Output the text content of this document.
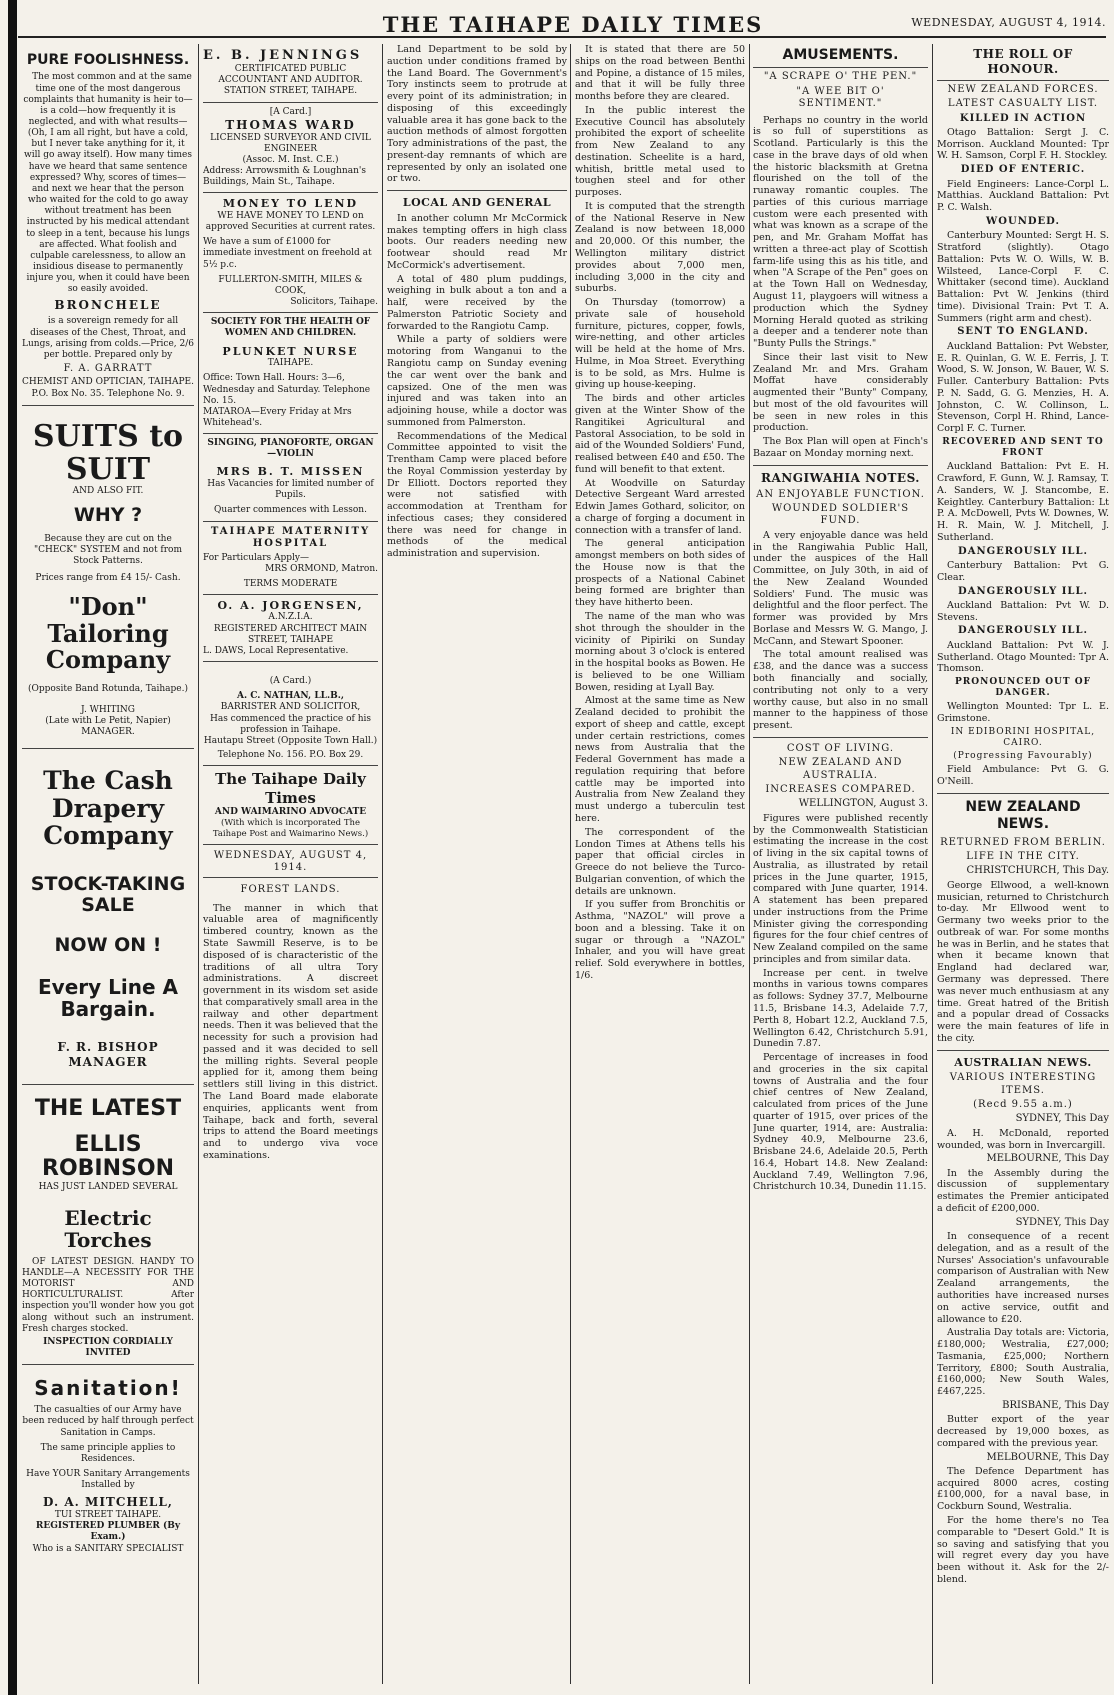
THE TAIHAPE DAILY TIMES	WEDNESDAY, AUGUST 4, 1914.
PURE FOOLISHNESS.
The most common and at the same time one of the most dangerous complaints that humanity is heir to—is a cold—how frequently it is neglected, and with what results—(Oh, I am all right, but have a cold, but I never take anything for it, it will go away itself). How many times have we heard that same sentence expressed? Why, scores of times—and next we hear that the person who waited for the cold to go away without treatment has been instructed by his medical attendant to sleep in a tent, because his lungs are affected. What foolish and culpable carelessness, to allow an insidious disease to permanently injure you, when it could have been so easily avoided.
BRONCHELE
is a sovereign remedy for all diseases of the Chest, Throat, and Lungs, arising from colds.—Price, 2/6 per bottle. Prepared only by
F. A. GARRATT
CHEMIST AND OPTICIAN, TAIHAPE.
P.O. Box No. 35. Telephone No. 9.
SUITS to SUIT
AND ALSO FIT.
WHY ?
Because they are cut on the "CHECK" SYSTEM and not from Stock Patterns.
Prices range from £4 15/- Cash.
"Don" Tailoring Company
(Opposite Band Rotunda, Taihape.)
J. WHITING
(Late with Le Petit, Napier)
MANAGER.
The Cash Drapery Company
STOCK-TAKING SALE
NOW ON !
Every Line A Bargain.
F. R. BISHOP MANAGER
THE LATEST
ELLIS ROBINSON
HAS JUST LANDED SEVERAL
Electric Torches
OF LATEST DESIGN. HANDY TO HANDLE—A NECESSITY FOR THE MOTORIST AND HORTICULTURALIST. After inspection you'll wonder how you got along without such an instrument. Fresh charges stocked.
INSPECTION CORDIALLY INVITED
Sanitation!
The casualties of our Army have been reduced by half through perfect Sanitation in Camps.
The same principle applies to Residences.
Have YOUR Sanitary Arrangements Installed by
D. A. MITCHELL,
TUI STREET TAIHAPE.
REGISTERED PLUMBER (By Exam.)
Who is a SANITARY SPECIALIST
E. B. JENNINGS
CERTIFICATED PUBLIC ACCOUNTANT AND AUDITOR.
STATION STREET, TAIHAPE.
[A Card.]
THOMAS WARD
LICENSED SURVEYOR AND CIVIL ENGINEER
(Assoc. M. Inst. C.E.)
Address: Arrowsmith & Loughnan's Buildings, Main St., Taihape.
MONEY TO LEND
WE HAVE MONEY TO LEND on approved Securities at current rates.
We have a sum of £1000 for immediate investment on freehold at 5½ p.c.
FULLERTON-SMITH, MILES & COOK,
Solicitors, Taihape.
SOCIETY FOR THE HEALTH OF WOMEN AND CHILDREN.
PLUNKET NURSE
TAIHAPE.
Office: Town Hall. Hours: 3—6, Wednesday and Saturday. Telephone No. 15.
MATAROA—Every Friday at Mrs Whitehead's.
SINGING, PIANOFORTE, ORGAN—VIOLIN
MRS B. T. MISSEN
Has Vacancies for limited number of Pupils.
Quarter commences with Lesson.
TAIHAPE MATERNITY HOSPITAL
For Particulars Apply—
MRS ORMOND, Matron.
TERMS MODERATE
O. A. JORGENSEN,
A.N.Z.I.A.
REGISTERED ARCHITECT MAIN STREET, TAIHAPE
L. DAWS, Local Representative.
(A Card.)
A. C. NATHAN, LL.B.,
BARRISTER AND SOLICITOR,
Has commenced the practice of his profession in Taihape.
Hautapu Street (Opposite Town Hall.)
Telephone No. 156. P.O. Box 29.
The Taihape Daily Times
AND WAIMARINO ADVOCATE
(With which is incorporated The Taihape Post and Waimarino News.)
WEDNESDAY, AUGUST 4, 1914.
FOREST LANDS.
The manner in which that valuable area of magnificently timbered country, known as the State Sawmill Reserve, is to be disposed of is characteristic of the traditions of all ultra Tory administrations. A discreet government in its wisdom set aside that comparatively small area in the railway and other department needs. Then it was believed that the necessity for such a provision had passed and it was decided to sell the milling rights. Several people applied for it, among them being settlers still living in this district. The Land Board made elaborate enquiries, applicants went from Taihape, back and forth, several trips to attend the Board meetings and to undergo viva voce examinations.
Land Department to be sold by auction under conditions framed by the Land Board. The Government's Tory instincts seem to protrude at every point of its administration; in disposing of this exceedingly valuable area it has gone back to the auction methods of almost forgotten Tory administrations of the past, the present-day remnants of which are represented by only an isolated one or two.
LOCAL AND GENERAL
In another column Mr McCormick makes tempting offers in high class boots. Our readers needing new footwear should read Mr McCormick's advertisement.
A total of 480 plum puddings, weighing in bulk about a ton and a half, were received by the Palmerston Patriotic Society and forwarded to the Rangiotu Camp.
While a party of soldiers were motoring from Wanganui to the Rangiotu camp on Sunday evening the car went over the bank and capsized. One of the men was injured and was taken into an adjoining house, while a doctor was summoned from Palmerston.
Recommendations of the Medical Committee appointed to visit the Trentham Camp were placed before the Royal Commission yesterday by Dr Elliott. Doctors reported they were not satisfied with accommodation at Trentham for infectious cases; they considered there was need for change in methods of the medical administration and supervision.
It is stated that there are 50 ships on the road between Benthi and Popine, a distance of 15 miles, and that it will be fully three months before they are cleared.
In the public interest the Executive Council has absolutely prohibited the export of scheelite from New Zealand to any destination. Scheelite is a hard, whitish, brittle metal used to toughen steel and for other purposes.
It is computed that the strength of the National Reserve in New Zealand is now between 18,000 and 20,000. Of this number, the Wellington military district provides about 7,000 men, including 3,000 in the city and suburbs.
On Thursday (tomorrow) a private sale of household furniture, pictures, copper, fowls, wire-netting, and other articles will be held at the home of Mrs. Hulme, in Moa Street. Everything is to be sold, as Mrs. Hulme is giving up house-keeping.
The birds and other articles given at the Winter Show of the Rangitikei Agricultural and Pastoral Association, to be sold in aid of the Wounded Soldiers' Fund, realised between £40 and £50. The fund will benefit to that extent.
At Woodville on Saturday Detective Sergeant Ward arrested Edwin James Gothard, solicitor, on a charge of forging a document in connection with a transfer of land.
The general anticipation amongst members on both sides of the House now is that the prospects of a National Cabinet being formed are brighter than they have hitherto been.
The name of the man who was shot through the shoulder in the vicinity of Pipiriki on Sunday morning about 3 o'clock is entered in the hospital books as Bowen. He is believed to be one William Bowen, residing at Lyall Bay.
Almost at the same time as New Zealand decided to prohibit the export of sheep and cattle, except under certain restrictions, comes news from Australia that the Federal Government has made a regulation requiring that before cattle may be imported into Australia from New Zealand they must undergo a tuberculin test here.
The correspondent of the London Times at Athens tells his paper that official circles in Greece do not believe the Turco-Bulgarian convention, of which the details are unknown.
If you suffer from Bronchitis or Asthma, "NAZOL" will prove a boon and a blessing. Take it on sugar or through a "NAZOL" Inhaler, and you will have great relief. Sold everywhere in bottles, 1/6.
AMUSEMENTS.
"A SCRAPE O' THE PEN."
"A WEE BIT O' SENTIMENT."
Perhaps no country in the world is so full of superstitions as Scotland. Particularly is this the case in the brave days of old when the historic blacksmith at Gretna flourished on the toll of the runaway romantic couples. The parties of this curious marriage custom were each presented with what was known as a scrape of the pen, and Mr. Graham Moffat has written a three-act play of Scottish farm-life using this as his title, and when "A Scrape of the Pen" goes on at the Town Hall on Wednesday, August 11, playgoers will witness a production which the Sydney Morning Herald quoted as striking a deeper and a tenderer note than "Bunty Pulls the Strings."
Since their last visit to New Zealand Mr. and Mrs. Graham Moffat have considerably augmented their "Bunty" Company, but most of the old favourites will be seen in new roles in this production.
The Box Plan will open at Finch's Bazaar on Monday morning next.
RANGIWAHIA NOTES.
AN ENJOYABLE FUNCTION.
WOUNDED SOLDIER'S FUND.
A very enjoyable dance was held in the Rangiwahia Public Hall, under the auspices of the Hall Committee, on July 30th, in aid of the New Zealand Wounded Soldiers' Fund. The music was delightful and the floor perfect. The former was provided by Mrs Borlase and Messrs W. G. Mango, J. McCann, and Stewart Spooner.
The total amount realised was £38, and the dance was a success both financially and socially, contributing not only to a very worthy cause, but also in no small manner to the happiness of those present.
COST OF LIVING.
NEW ZEALAND AND AUSTRALIA.
INCREASES COMPARED.
WELLINGTON, August 3.
Figures were published recently by the Commonwealth Statistician estimating the increase in the cost of living in the six capital towns of Australia, as illustrated by retail prices in the June quarter, 1915, compared with June quarter, 1914. A statement has been prepared under instructions from the Prime Minister giving the corresponding figures for the four chief centres of New Zealand compiled on the same principles and from similar data.
Increase per cent. in twelve months in various towns compares as follows: Sydney 37.7, Melbourne 11.5, Brisbane 14.3, Adelaide 7.7, Perth 8, Hobart 12.2, Auckland 7.5, Wellington 6.42, Christchurch 5.91, Dunedin 7.87.
Percentage of increases in food and groceries in the six capital towns of Australia and the four chief centres of New Zealand, calculated from prices of the June quarter of 1915, over prices of the June quarter, 1914, are: Australia: Sydney 40.9, Melbourne 23.6, Brisbane 24.6, Adelaide 20.5, Perth 16.4, Hobart 14.8. New Zealand: Auckland 7.49, Wellington 7.96, Christchurch 10.34, Dunedin 11.15.
THE ROLL OF HONOUR.
NEW ZEALAND FORCES.
LATEST CASUALTY LIST.
KILLED IN ACTION
Otago Battalion: Sergt J. C. Morrison. Auckland Mounted: Tpr W. H. Samson, Corpl F. H. Stockley.
DIED OF ENTERIC.
Field Engineers: Lance-Corpl L. Matthias. Auckland Battalion: Pvt P. C. Walsh.
WOUNDED.
Canterbury Mounted: Sergt H. S. Stratford (slightly). Otago Battalion: Pvts W. O. Wills, W. B. Wilsteed, Lance-Corpl F. C. Whittaker (second time). Auckland Battalion: Pvt W. Jenkins (third time). Divisional Train: Pvt T. A. Summers (right arm and chest).
SENT TO ENGLAND.
Auckland Battalion: Pvt Webster, E. R. Quinlan, G. W. E. Ferris, J. T. Wood, S. W. Jonson, W. Bauer, W. S. Fuller. Canterbury Battalion: Pvts P. N. Sadd, G. G. Menzies, H. A. Johnston, C. W. Collinson, L. Stevenson, Corpl H. Rhind, Lance-Corpl F. C. Turner.
RECOVERED AND SENT TO FRONT
Auckland Battalion: Pvt E. H. Crawford, F. Gunn, W. J. Ramsay, T. A. Sanders, W. J. Stancombe, E. Keightley. Canterbury Battalion: Lt P. A. McDowell, Pvts W. Downes, W. H. R. Main, W. J. Mitchell, J. Sutherland.
DANGEROUSLY ILL.
Canterbury Battalion: Pvt G. Clear.
DANGEROUSLY ILL.
Auckland Battalion: Pvt W. D. Stevens.
DANGEROUSLY ILL.
Auckland Battalion: Pvt W. J. Sutherland. Otago Mounted: Tpr A. Thomson.
PRONOUNCED OUT OF DANGER.
Wellington Mounted: Tpr L. E. Grimstone.
IN EDIBORINI HOSPITAL, CAIRO.
(Progressing Favourably)
Field Ambulance: Pvt G. G. O'Neill.
NEW ZEALAND NEWS.
RETURNED FROM BERLIN.
LIFE IN THE CITY.
CHRISTCHURCH, This Day.
George Ellwood, a well-known musician, returned to Christchurch to-day. Mr Ellwood went to Germany two weeks prior to the outbreak of war. For some months he was in Berlin, and he states that when it became known that England had declared war, Germany was depressed. There was never much enthusiasm at any time. Great hatred of the British and a popular dread of Cossacks were the main features of life in the city.
AUSTRALIAN NEWS.
VARIOUS INTERESTING ITEMS.
(Recd 9.55 a.m.)
SYDNEY, This Day
A. H. McDonald, reported wounded, was born in Invercargill.
MELBOURNE, This Day
In the Assembly during the discussion of supplementary estimates the Premier anticipated a deficit of £200,000.
SYDNEY, This Day
In consequence of a recent delegation, and as a result of the Nurses' Association's unfavourable comparison of Australian with New Zealand arrangements, the authorities have increased nurses on active service, outfit and allowance to £20.
Australia Day totals are: Victoria, £180,000; Westralia, £27,000; Tasmania, £25,000; Northern Territory, £800; South Australia, £160,000; New South Wales, £467,225.
BRISBANE, This Day
Butter export of the year decreased by 19,000 boxes, as compared with the previous year.
MELBOURNE, This Day
The Defence Department has acquired 8000 acres, costing £100,000, for a naval base, in Cockburn Sound, Westralia.
For the home there's no Tea comparable to "Desert Gold." It is so saving and satisfying that you will regret every day you have been without it. Ask for the 2/- blend.
